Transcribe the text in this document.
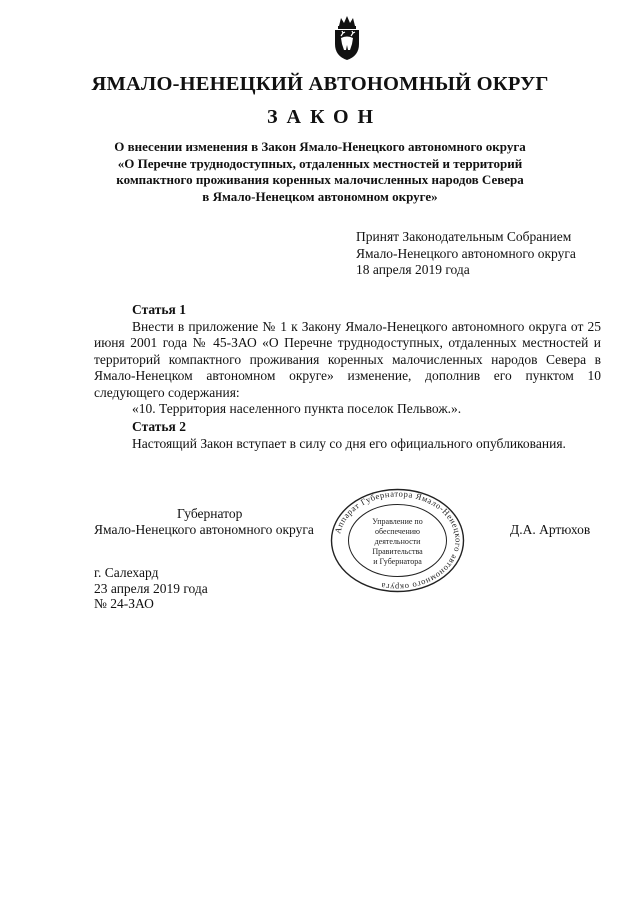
ЯМАЛО-НЕНЕЦКИЙ АВТОНОМНЫЙ ОКРУГ
ЗАКОН
О внесении изменения в Закон Ямало-Ненецкого автономного округа
«О Перечне труднодоступных, отдаленных местностей и территорий
компактного проживания коренных малочисленных народов Севера
в Ямало-Ненецком автономном округе»
Принят Законодательным Собранием
Ямало-Ненецкого автономного округа
18 апреля 2019 года
Статья 1

Внести в приложение № 1 к Закону Ямало-Ненецкого автономного округа от 25 июня 2001 года № 45-ЗАО «О Перечне труднодоступных, отдаленных местностей и территорий компактного проживания коренных малочисленных народов Севера в Ямало-Ненецком автономном округе» изменение, дополнив его пунктом 10 следующего содержания:

«10. Территория населенного пункта поселок Пельвож.».

Статья 2

Настоящий Закон вступает в силу со дня его официального опубликования.

Губернатор
Ямало-Ненецкого автономного округа	Д.А. Артюхов
Аппарат Губернатора Ямало-Ненецкого автономного округа
Управление по
обеспечению
деятельности
Правительства
и Губернатора
г. Салехард
23 апреля 2019 года
№ 24-ЗАО
